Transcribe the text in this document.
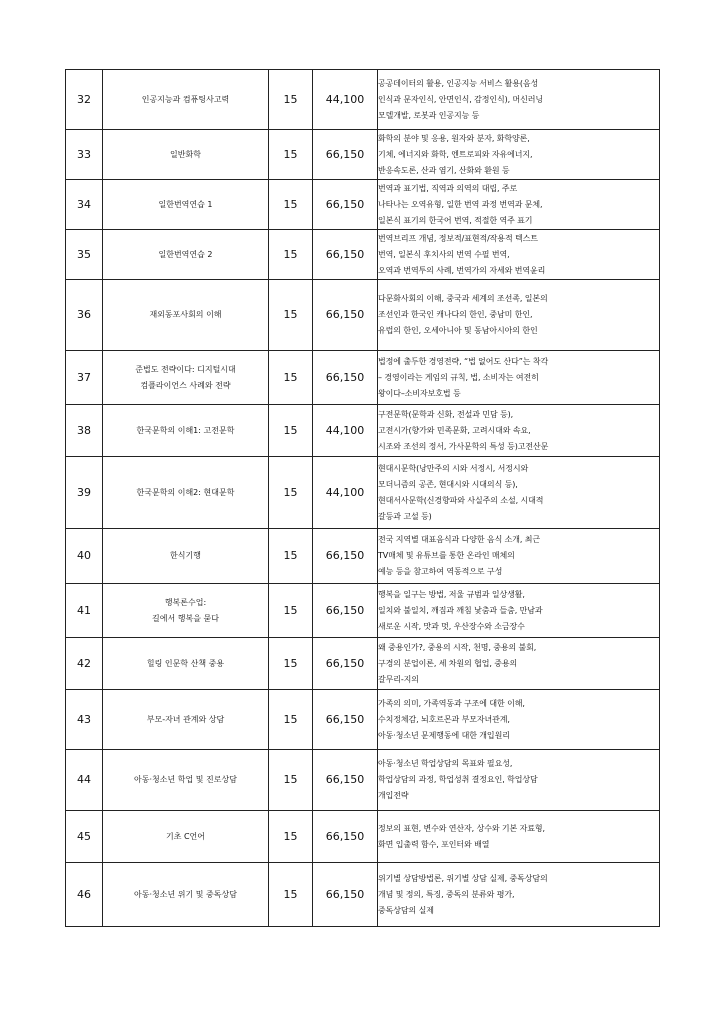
32	인공지능과 컴퓨팅사고력	15	44,100	공공데이터의 활용, 인공지능 서비스 활용(음성
인식과 문자인식, 안면인식, 감정인식), 머신러닝
모델개발, 로봇과 인공지능 등

33	일반화학	15	66,150	화학의 분야 및 응용, 원자와 분자, 화학양론,
기체, 에너지와 화학, 엔트로피와 자유에너지,
반응속도론, 산과 염기, 산화와 환원 등

34	일한번역연습 1	15	66,150	번역과 표기법, 직역과 의역의 대립, 주로
나타나는 오역유형, 일한 번역 과정 번역과 문체,
일본식 표기의 한국어 번역, 적절한 역주 표기

35	일한번역연습 2	15	66,150	번역브리프 개념, 정보적/표현적/작용적 텍스트
번역, 일본식 후치사의 번역 수필 번역,
오역과 번역투의 사례, 번역가의 자세와 번역윤리

36	재외동포사회의 이해	15	66,150	다문화사회의 이해, 중국과 세계의 조선족, 일본의
조선인과 한국인 캐나다의 한인, 중남미 한인,
유럽의 한인, 오세아니아 및 동남아시아의 한인

37	준법도 전략이다: 디지털시대
컴플라이언스 사례와 전략	15	66,150	법정에 출두한 경영전략, “법 없어도 산다”는 착각
– 경영이라는 게임의 규칙, 법, 소비자는 여전히
왕이다–소비자보호법 등

38	한국문학의 이해1: 고전문학	15	44,100	구전문학(문학과 신화, 전설과 민담 등),
고전시가(향가와 민족문화, 고려시대와 속요,
시조와 조선의 정서, 가사문학의 특성 등)고전산문

39	한국문학의 이해2: 현대문학	15	44,100	현대시문학(낭만주의 시와 서정시, 서정시와
모더니즘의 공존, 현대시와 시대의식 등),
현대서사문학(신경향파와 사실주의 소설, 시대적
갈등과 고설 등)

40	한식기행	15	66,150	전국 지역별 대표음식과 다양한 음식 소개, 최근
TV매체 및 유튜브를 통한 온라인 매체의
예능 등을 참고하여 역동적으로 구성

41	행복론수업:
길에서 행복을 묻다	15	66,150	행복을 일구는 방법, 저울 규범과 일상생활,
일치와 불일치, 깨짐과 깨침 낯춤과 들춤, 만남과
새로운 시작, 맛과 멋, 우산장수와 소금장수

42	힐링 인문학 산책 중용	15	66,150	왜 중용인가?, 중용의 시작, 천명, 중용의 불회,
구경의 분업이론, 세 차원의 협업, 중용의
갈무리-지의

43	부모-자녀 관계와 상담	15	66,150	가족의 의미, 가족역동과 구조에 대한 이해,
수치정체감, 뇌호르몬과 부모자녀관계,
아동·청소년 문제행동에 대한 개입원리

44	아동·청소년 학업 및 진로상담	15	66,150	아동·청소년 학업상담의 목표와 필요성,
학업상담의 과정, 학업성취 결정요인, 학업상담
개입전략

45	기초 C언어	15	66,150	정보의 표현, 변수와 연산자, 상수와 기본 자료형,
화면 입출력 함수, 포인터와 배열

46	아동·청소년 위기 및 중독상담	15	66,150	위기별 상담방법론, 위기별 상담 실제, 중독상담의
개념 및 정의, 특징, 중독의 분류와 평가,
중독상담의 실제
